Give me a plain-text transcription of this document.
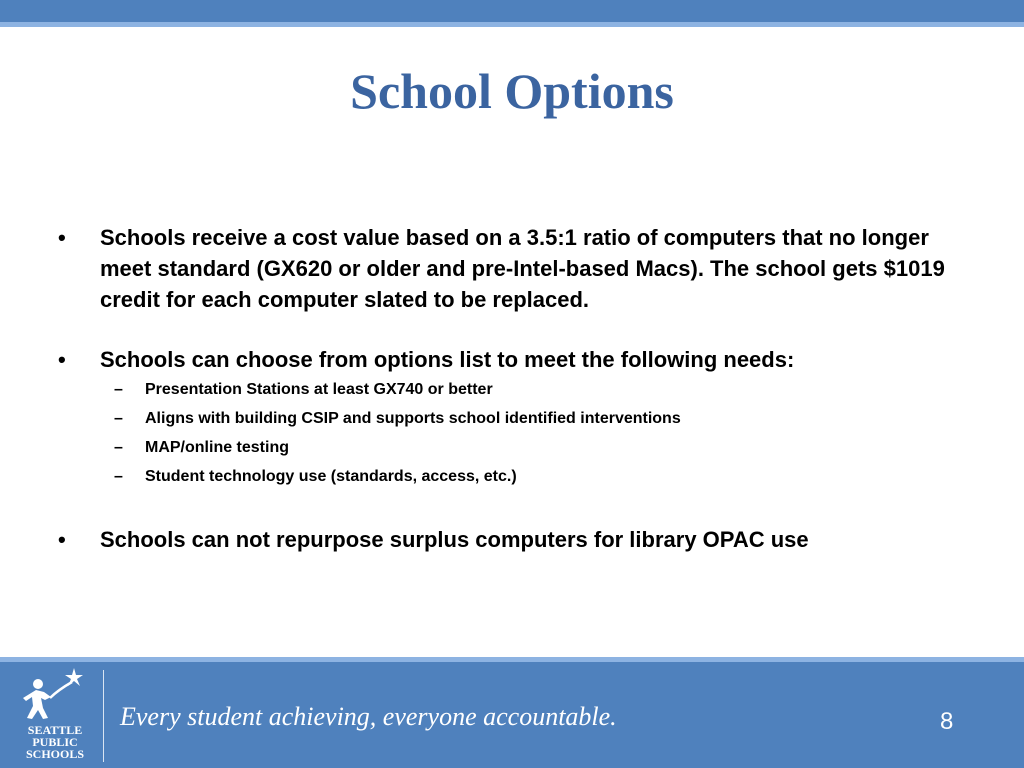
School Options
• Schools receive a cost value based on a 3.5:1 ratio of computers that no longer meet standard (GX620 or older and pre-Intel-based Macs). The school gets $1019 credit for each computer slated to be replaced.
• Schools can choose from options list to meet the following needs:
– Presentation Stations at least GX740 or better
– Aligns with building CSIP and supports school identified interventions
– MAP/online testing
– Student technology use (standards, access, etc.)
• Schools can not repurpose surplus computers for library OPAC use
SEATTLE
PUBLIC
SCHOOLS
Every student achieving, everyone accountable.	8
